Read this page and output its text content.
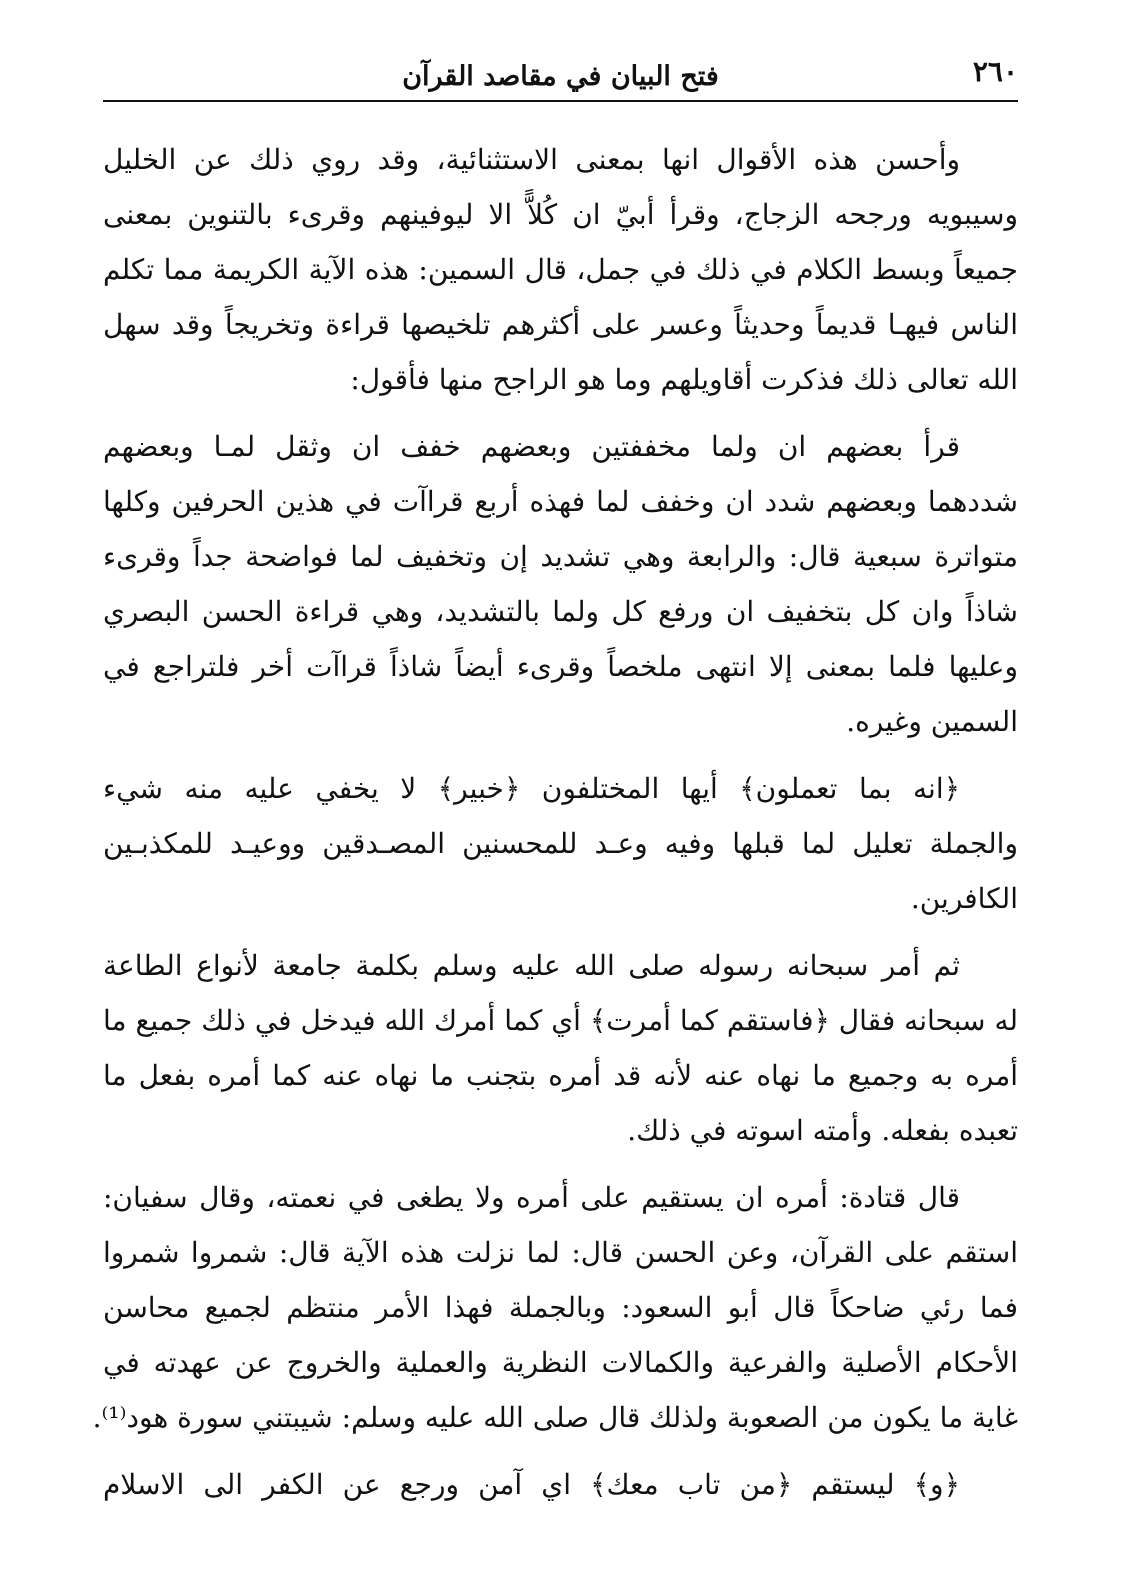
٢٦٠
فتح البيان في مقاصد القرآن
وأحسن هذه الأقوال انها بمعنى الاستثنائية، وقد روي ذلك عن الخليل
وسيبويه ورجحه الزجاج، وقرأ أبيّ ان كُلاًّ الا ليوفينهم وقرىء بالتنوين بمعنى
جميعاً وبسط الكلام في ذلك في جمل، قال السمين: هذه الآية الكريمة مما تكلم
الناس فيهـا قديماً وحديثاً وعسر على أكثرهم تلخيصها قراءة وتخريجاً وقد سهل
الله تعالى ذلك فذكرت أقاويلهم وما هو الراجح منها فأقول:
قرأ بعضهم ان ولما مخففتين وبعضهم خفف ان وثقل لمـا وبعضهم
شددهما وبعضهم شدد ان وخفف لما فهذه أربع قراآت في هذين الحرفين وكلها
متواترة سبعية قال: والرابعة وهي تشديد إن وتخفيف لما فواضحة جداً وقرىء
شاذاً وان كل بتخفيف ان ورفع كل ولما بالتشديد، وهي قراءة الحسن البصري
وعليها فلما بمعنى إلا انتهى ملخصاً وقرىء أيضاً شاذاً قراآت أخر فلتراجع في
السمين وغيره.
﴿انه بما تعملون﴾ أيها المختلفون ﴿خبير﴾ لا يخفي عليه منه شيء
والجملة تعليل لما قبلها وفيه وعـد للمحسنين المصـدقين ووعيـد للمكذبـين
الكافرين.
ثم أمر سبحانه رسوله صلى الله عليه وسلم بكلمة جامعة لأنواع الطاعة
له سبحانه فقال ﴿فاستقم كما أمرت﴾ أي كما أمرك الله فيدخل في ذلك جميع ما
أمره به وجميع ما نهاه عنه لأنه قد أمره بتجنب ما نهاه عنه كما أمره بفعل ما
تعبده بفعله. وأمته اسوته في ذلك.
قال قتادة: أمره ان يستقيم على أمره ولا يطغى في نعمته، وقال سفيان:
استقم على القرآن، وعن الحسن قال: لما نزلت هذه الآية قال: شمروا شمروا
فما رئي ضاحكاً قال أبو السعود: وبالجملة فهذا الأمر منتظم لجميع محاسن
الأحكام الأصلية والفرعية والكمالات النظرية والعملية والخروج عن عهدته في
غاية ما يكون من الصعوبة ولذلك قال صلى الله عليه وسلم: شيبتني سورة هود⁽¹⁾.
﴿و﴾ ليستقم ﴿من تاب معك﴾ اي آمن ورجع عن الكفر الى الاسلام
